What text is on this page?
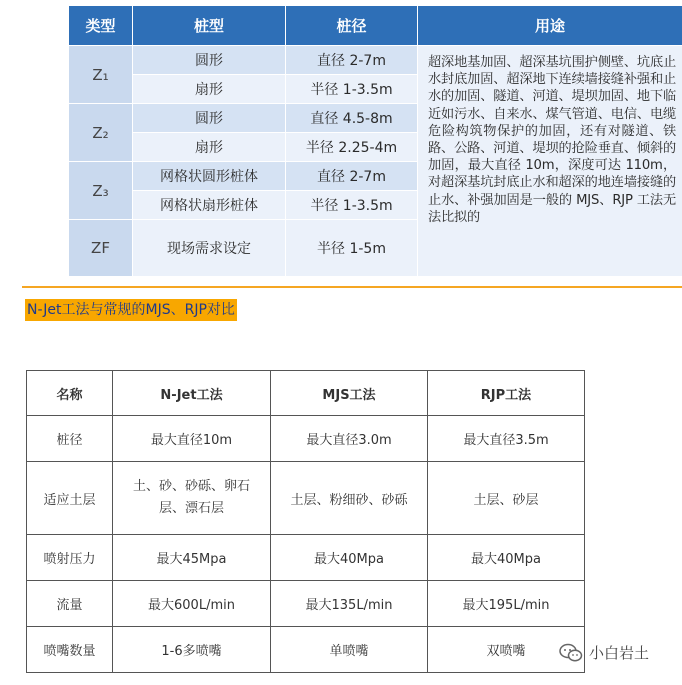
类型	桩型	桩径	用途
Z₁	圆形	直径 2-7m	超深地基加固、超深基坑围护侧壁、坑底止水封底加固、超深地下连续墙接缝补强和止水的加固、隧道、河道、堤坝加固、地下临近如污水、自来水、煤气管道、电信、电缆危险构筑物保护的加固，还有对隧道、铁路、公路、河道、堤坝的抢险垂直、倾斜的加固，最大直径 10m，深度可达 110m，对超深基坑封底止水和超深的地连墙接缝的止水、补强加固是一般的 MJS、RJP 工法无法比拟的
	扇形	半径 1-3.5m	
Z₂	圆形	直径 4.5-8m	
	扇形	半径 2.25-4m	
Z₃	网格状圆形桩体	直径 2-7m	
	网格状扇形桩体	半径 1-3.5m	
ZF	现场需求设定	半径 1-5m	
N-Jet工法与常规的MJS、RJP对比
名称	N-Jet工法	MJS工法	RJP工法
桩径	最大直径10m	最大直径3.0m	最大直径3.5m
适应土层	土、砂、砂砾、卵石层、漂石层	土层、粉细砂、砂砾	土层、砂层
喷射压力	最大45Mpa	最大40Mpa	最大40Mpa
流量	最大600L/min	最大135L/min	最大195L/min
喷嘴数量	1-6多喷嘴	单喷嘴	双喷嘴	小白岩土
